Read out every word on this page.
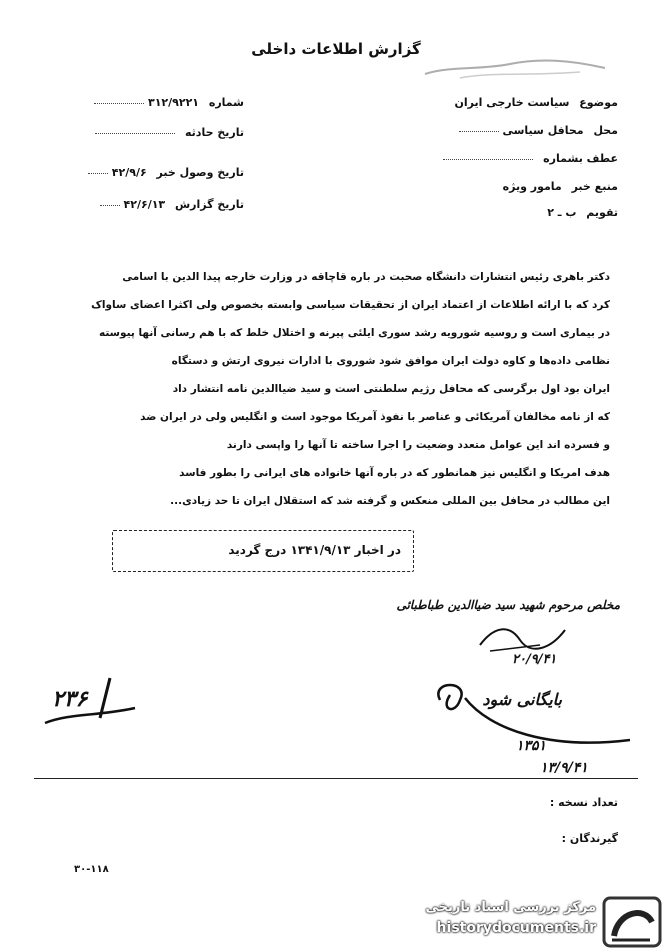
گزارش اطلاعات داخلی
شماره ۳۱۲/۹۲۲۱
تاریخ حادثه
تاریخ وصول خبر ۴۲/۹/۶
تاریخ گزارش ۴۲/۶/۱۳
موضوع سیاست خارجی ایران
محل محافل سیاسی
عطف بشماره
منبع خبر مامور ویژه
تقویم ب ـ ۲
دکتر باهری رئیس انتشارات دانشگاه صحبت در باره قاچاقه در وزارت خارجه پیدا الدین با اسامی
کرد که با ارائه اطلاعات از اعتماد ایران از تحقیقات سیاسی وابسته بخصوص ولی اکثرا اعضای ساواک
در بیماری است و روسیه شورویه رشد سوری ایلئی پیرنه و اختلال خلط که با هم رسانی آنها پیوسته
نظامی داده‌ها و کاوه دولت ایران موافق شود شوروی با ادارات نیروی ارتش و دستگاه
ایران بود اول برگرسی که محافل رژیم سلطنتی است و سید ضیاالدین نامه انتشار داد
که از نامه مخالفان آمریکائی و عناصر با نفوذ آمریکا موجود است و انگلیس ولی در ایران ضد
و فسرده اند این عوامل متعدد وضعیت را اجرا ساخته تا آنها را واپسی دارند
هدف امریکا و انگلیس نیز همانطور که در باره آنها خانواده های ایرانی را بطور فاسد
این مطالب در محافل بین المللی منعکس و گرفته شد که استقلال ایران تا حد زیادی...
در اخبار ۱۳۴۱/۹/۱۳ درج گردید
مخلص مرحوم شهید سید ضیاالدین طباطبائی
۲۰/۹/۴۱
۲۳۶	بایگانی شود
۱۳۵۱
۱۳/۹/۴۱
تعداد نسخه :
گیرندگان :
۳۰-۱۱۸
مرکز بررسی اسناد تاریخی
historydocuments.ir
